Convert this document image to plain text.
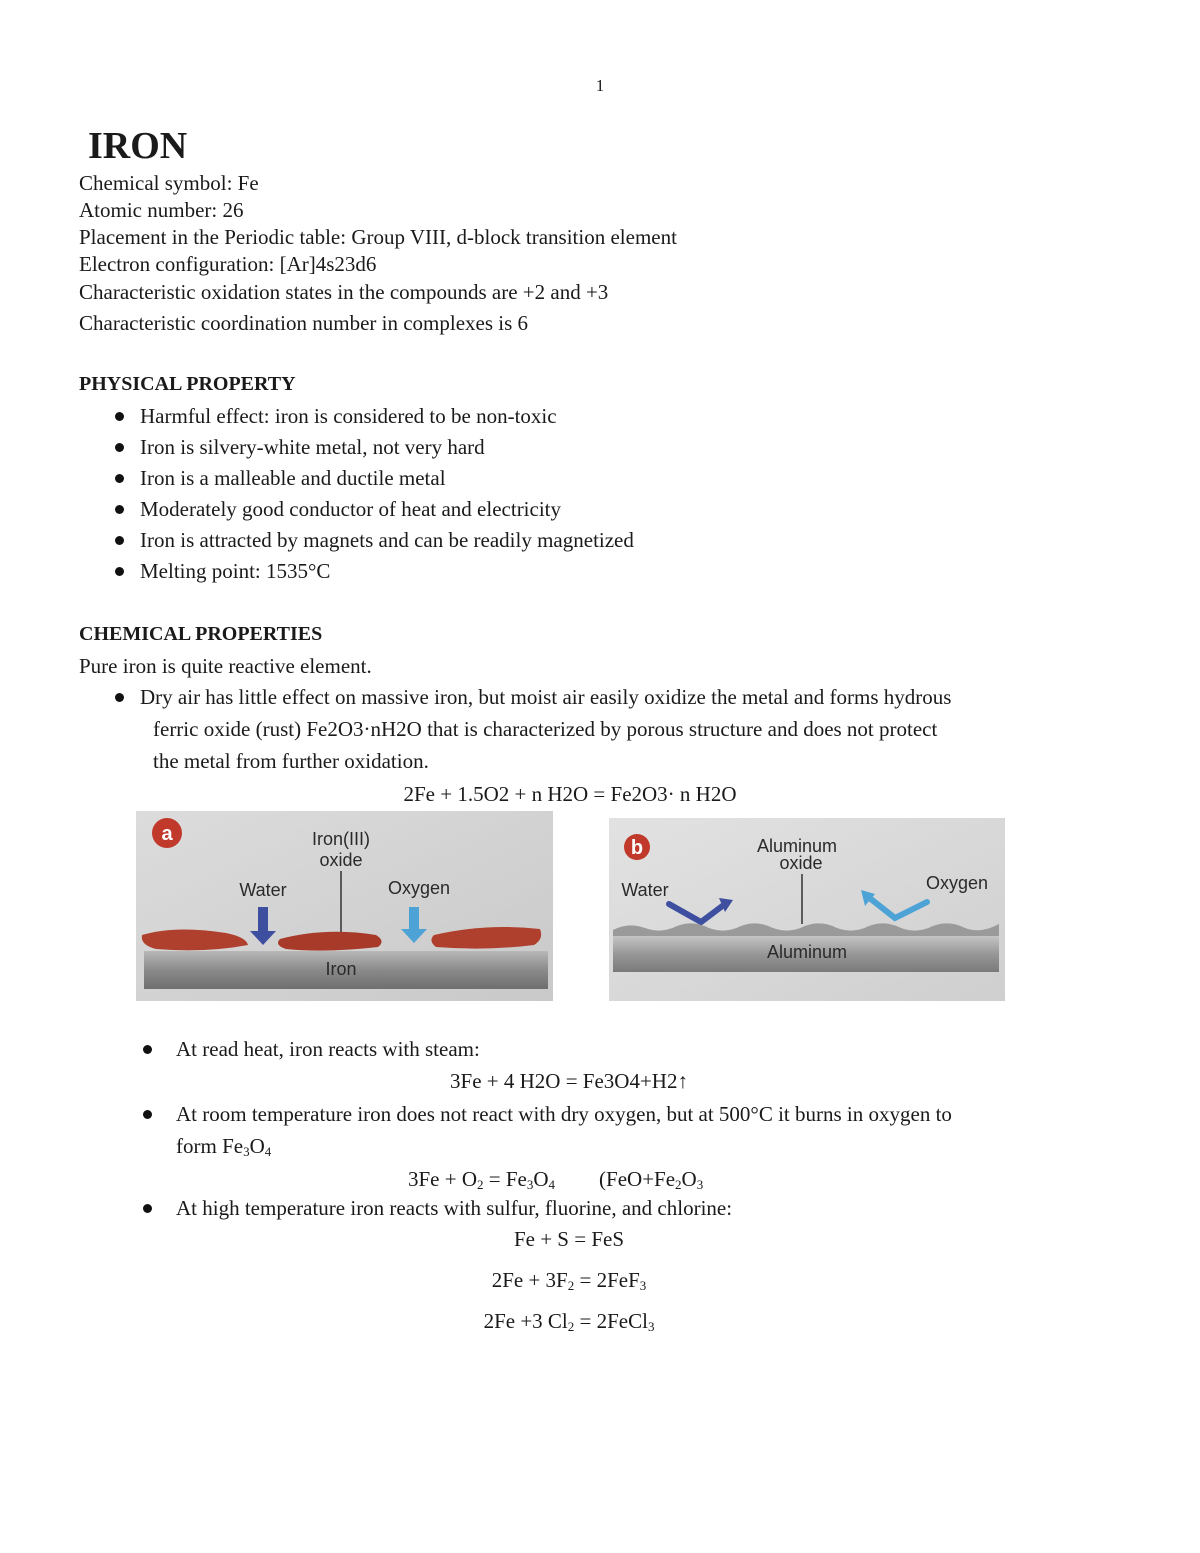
1
IRON
Chemical symbol: Fe
Atomic number: 26
Placement in the Periodic table: Group VIII, d-block transition element
Electron configuration: [Ar]4s23d6
Characteristic oxidation states in the compounds are +2 and +3
Characteristic coordination number in complexes is 6
PHYSICAL PROPERTY
Harmful effect: iron is considered to be non-toxic
Iron is silvery-white metal, not very hard
Iron is a malleable and ductile metal
Moderately good conductor of heat and electricity
Iron is attracted by magnets and can be readily magnetized
Melting point: 1535°C
CHEMICAL PROPERTIES
Pure iron is quite reactive element.
Dry air has little effect on massive iron, but moist air easily oxidize the metal and forms hydrous
ferric oxide (rust) Fe2O3·nH2O that is characterized by porous structure and does not protect
the metal from further oxidation.
2Fe + 1.5O2 + n H2O = Fe2O3· n H2O
a	Iron(III)
oxide
Water	Oxygen
Iron
b	Aluminum
oxide
Water	Oxygen
Aluminum
At read heat, iron reacts with steam:
3Fe + 4 H2O = Fe3O4+H2↑
At room temperature iron does not react with dry oxygen, but at 500°C it burns in oxygen to
form $Fe_3O_4$
$3Fe + O_2 = Fe_3O_4$ ($FeO+Fe_2O_3$
At high temperature iron reacts with sulfur, fluorine, and chlorine:
Fe + S = FeS
$2Fe + 3F_2 = 2FeF_3$
2Fe +3 $Cl_2$ = 2FeCl$_3$
